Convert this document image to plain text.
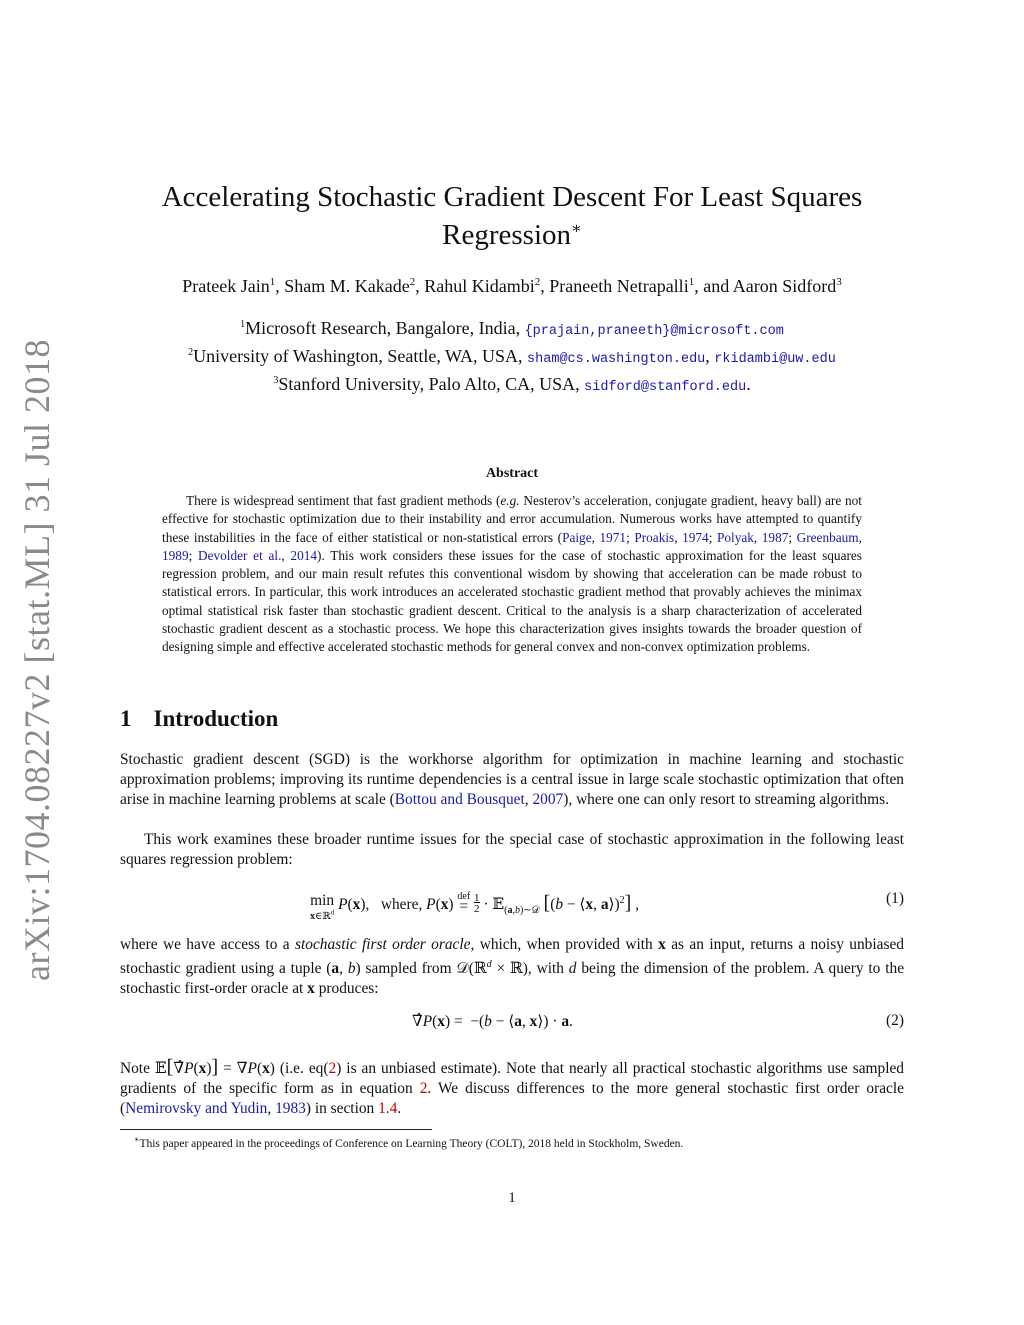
arXiv:1704.08227v2 [stat.ML] 31 Jul 2018
Accelerating Stochastic Gradient Descent For Least Squares
Regression∗
Prateek Jain$^1$, Sham M. Kakade$^2$, Rahul Kidambi$^2$, Praneeth Netrapalli$^1$, and Aaron Sidford$^3$
$^1$Microsoft Research, Bangalore, India, {prajain,praneeth}@microsoft.com
$^2$University of Washington, Seattle, WA, USA, sham@cs.washington.edu, rkidambi@uw.edu
$^3$Stanford University, Palo Alto, CA, USA, sidford@stanford.edu.
Abstract
There is widespread sentiment that fast gradient methods (e.g. Nesterov’s acceleration, conjugate gradient, heavy ball) are not effective for stochastic optimization due to their instability and error accumulation. Numerous works have attempted to quantify these instabilities in the face of either statistical or non-statistical errors (Paige, 1971; Proakis, 1974; Polyak, 1987; Greenbaum, 1989; Devolder et al., 2014). This work considers these issues for the case of stochastic approximation for the least squares regression problem, and our main result refutes this conventional wisdom by showing that acceleration can be made robust to statistical errors. In particular, this work introduces an accelerated stochastic gradient method that provably achieves the minimax optimal statistical risk faster than stochastic gradient descent. Critical to the analysis is a sharp characterization of accelerated stochastic gradient descent as a stochastic process. We hope this characterization gives insights towards the broader question of designing simple and effective accelerated stochastic methods for general convex and non-convex optimization problems.
1 Introduction
Stochastic gradient descent (SGD) is the workhorse algorithm for optimization in machine learning and stochastic approximation problems; improving its runtime dependencies is a central issue in large scale stochastic optimization that often arise in machine learning problems at scale (Bottou and Bousquet, 2007), where one can only resort to streaming algorithms.
This work examines these broader runtime issues for the special case of stochastic approximation in the following least squares regression problem:
min
x∈ℝ$^d$ P(x),   where, P(x) def
= 1
2 · 𝔼$_{(a,b)\sim 𝒟}$ [(b − ⟨x, a⟩)$^2$] ,	(1)
where we have access to a stochastic first order oracle, which, when provided with x as an input, returns a noisy unbiased stochastic gradient using a tuple (a, b) sampled from 𝒟(ℝ$^d$ × ℝ), with d being the dimension of the problem. A query to the stochastic first-order oracle at x produces:
∇̂P(x) =  −(b − ⟨a, x⟩) · a.	(2)
Note 𝔼[∇̂P(x)] = ∇P(x) (i.e. eq(2) is an unbiased estimate). Note that nearly all practical stochastic algorithms use sampled gradients of the specific form as in equation 2. We discuss differences to the more general stochastic first order oracle (Nemirovsky and Yudin, 1983) in section 1.4.
∗This paper appeared in the proceedings of Conference on Learning Theory (COLT), 2018 held in Stockholm, Sweden.
1
